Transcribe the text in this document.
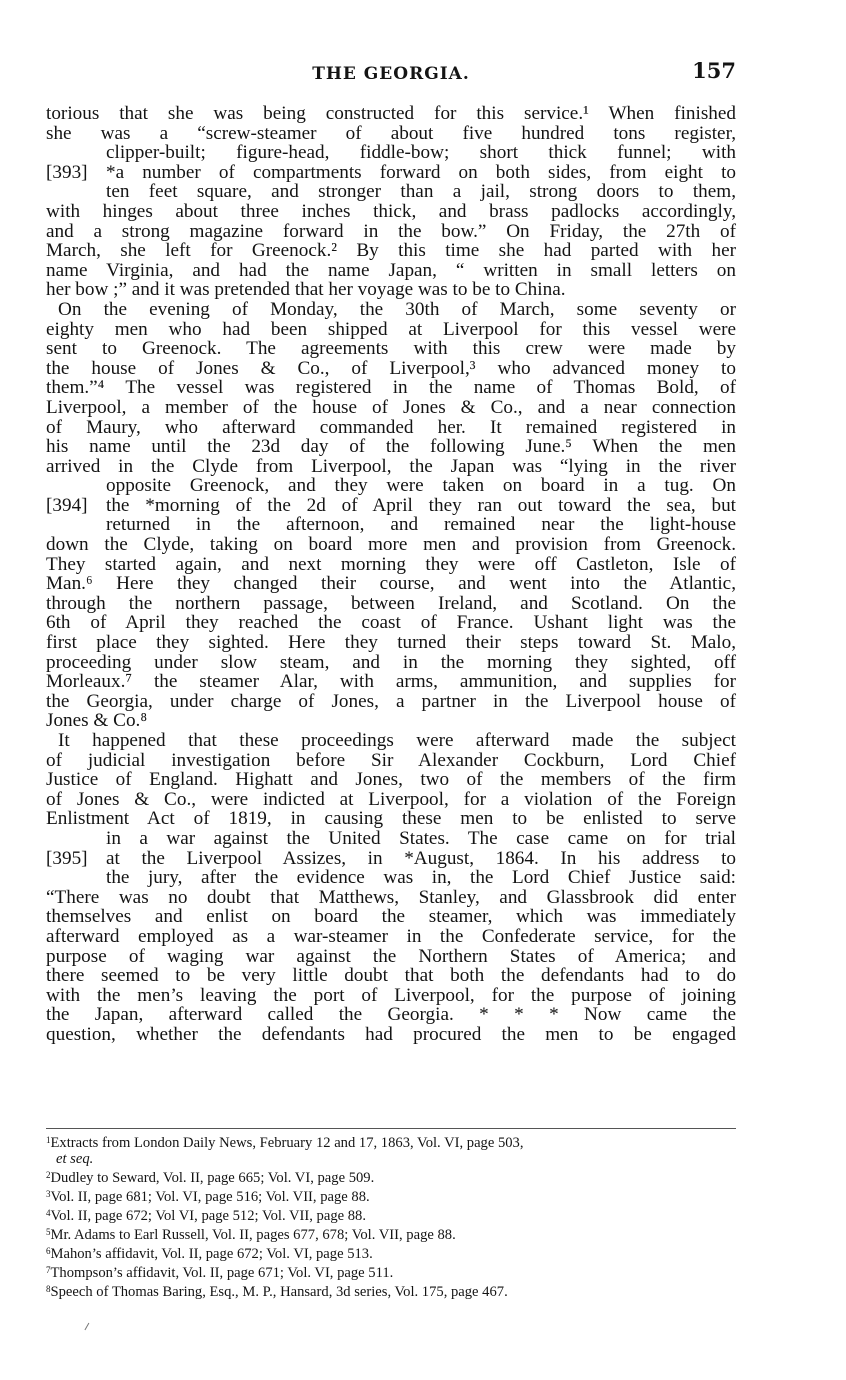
THE GEORGIA.	157
torious that she was being constructed for this service.¹ When finished
she was a “screw-steamer of about five hundred tons register,
clipper-built; figure-head, fiddle-bow; short thick funnel; with
[393] *a number of compartments forward on both sides, from eight to
ten feet square, and stronger than a jail, strong doors to them,
with hinges about three inches thick, and brass padlocks accordingly,
and a strong magazine forward in the bow.” On Friday, the 27th of
March, she left for Greenock.² By this time she had parted with her
name Virginia, and had the name Japan, “ written in small letters on
her bow ;” and it was pretended that her voyage was to be to China.
On the evening of Monday, the 30th of March, some seventy or
eighty men who had been shipped at Liverpool for this vessel were
sent to Greenock. The agreements with this crew were made by
the house of Jones & Co., of Liverpool,³ who advanced money to
them.”⁴ The vessel was registered in the name of Thomas Bold, of
Liverpool, a member of the house of Jones & Co., and a near connection
of Maury, who afterward commanded her. It remained registered in
his name until the 23d day of the following June.⁵ When the men
arrived in the Clyde from Liverpool, the Japan was “lying in the river
opposite Greenock, and they were taken on board in a tug. On
[394] the *morning of the 2d of April they ran out toward the sea, but
returned in the afternoon, and remained near the light-house
down the Clyde, taking on board more men and provision from Greenock.
They started again, and next morning they were off Castleton, Isle of
Man.⁶ Here they changed their course, and went into the Atlantic,
through the northern passage, between Ireland, and Scotland. On the
6th of April they reached the coast of France. Ushant light was the
first place they sighted. Here they turned their steps toward St. Malo,
proceeding under slow steam, and in the morning they sighted, off
Morleaux.⁷ the steamer Alar, with arms, ammunition, and supplies for
the Georgia, under charge of Jones, a partner in the Liverpool house of
Jones & Co.⁸
It happened that these proceedings were afterward made the subject
of judicial investigation before Sir Alexander Cockburn, Lord Chief
Justice of England. Highatt and Jones, two of the members of the firm
of Jones & Co., were indicted at Liverpool, for a violation of the Foreign
Enlistment Act of 1819, in causing these men to be enlisted to serve
in a war against the United States. The case came on for trial
[395] at the Liverpool Assizes, in *August, 1864. In his address to
the jury, after the evidence was in, the Lord Chief Justice said:
“There was no doubt that Matthews, Stanley, and Glassbrook did enter
themselves and enlist on board the steamer, which was immediately
afterward employed as a war-steamer in the Confederate service, for the
purpose of waging war against the Northern States of America; and
there seemed to be very little doubt that both the defendants had to do
with the men’s leaving the port of Liverpool, for the purpose of joining
the Japan, afterward called the Georgia. * * * Now came the
question, whether the defendants had procured the men to be engaged
$^1$Extracts from London Daily News, February 12 and 17, 1863, Vol. VI, page 503,
et seq.
$^2$Dudley to Seward, Vol. II, page 665; Vol. VI, page 509.
$^3$Vol. II, page 681; Vol. VI, page 516; Vol. VII, page 88.
$^4$Vol. II, page 672; Vol VI, page 512; Vol. VII, page 88.
$^5$Mr. Adams to Earl Russell, Vol. II, pages 677, 678; Vol. VII, page 88.
$^6$Mahon’s affidavit, Vol. II, page 672; Vol. VI, page 513.
$^7$Thompson’s affidavit, Vol. II, page 671; Vol. VI, page 511.
$^8$Speech of Thomas Baring, Esq., M. P., Hansard, 3d series, Vol. 175, page 467.
